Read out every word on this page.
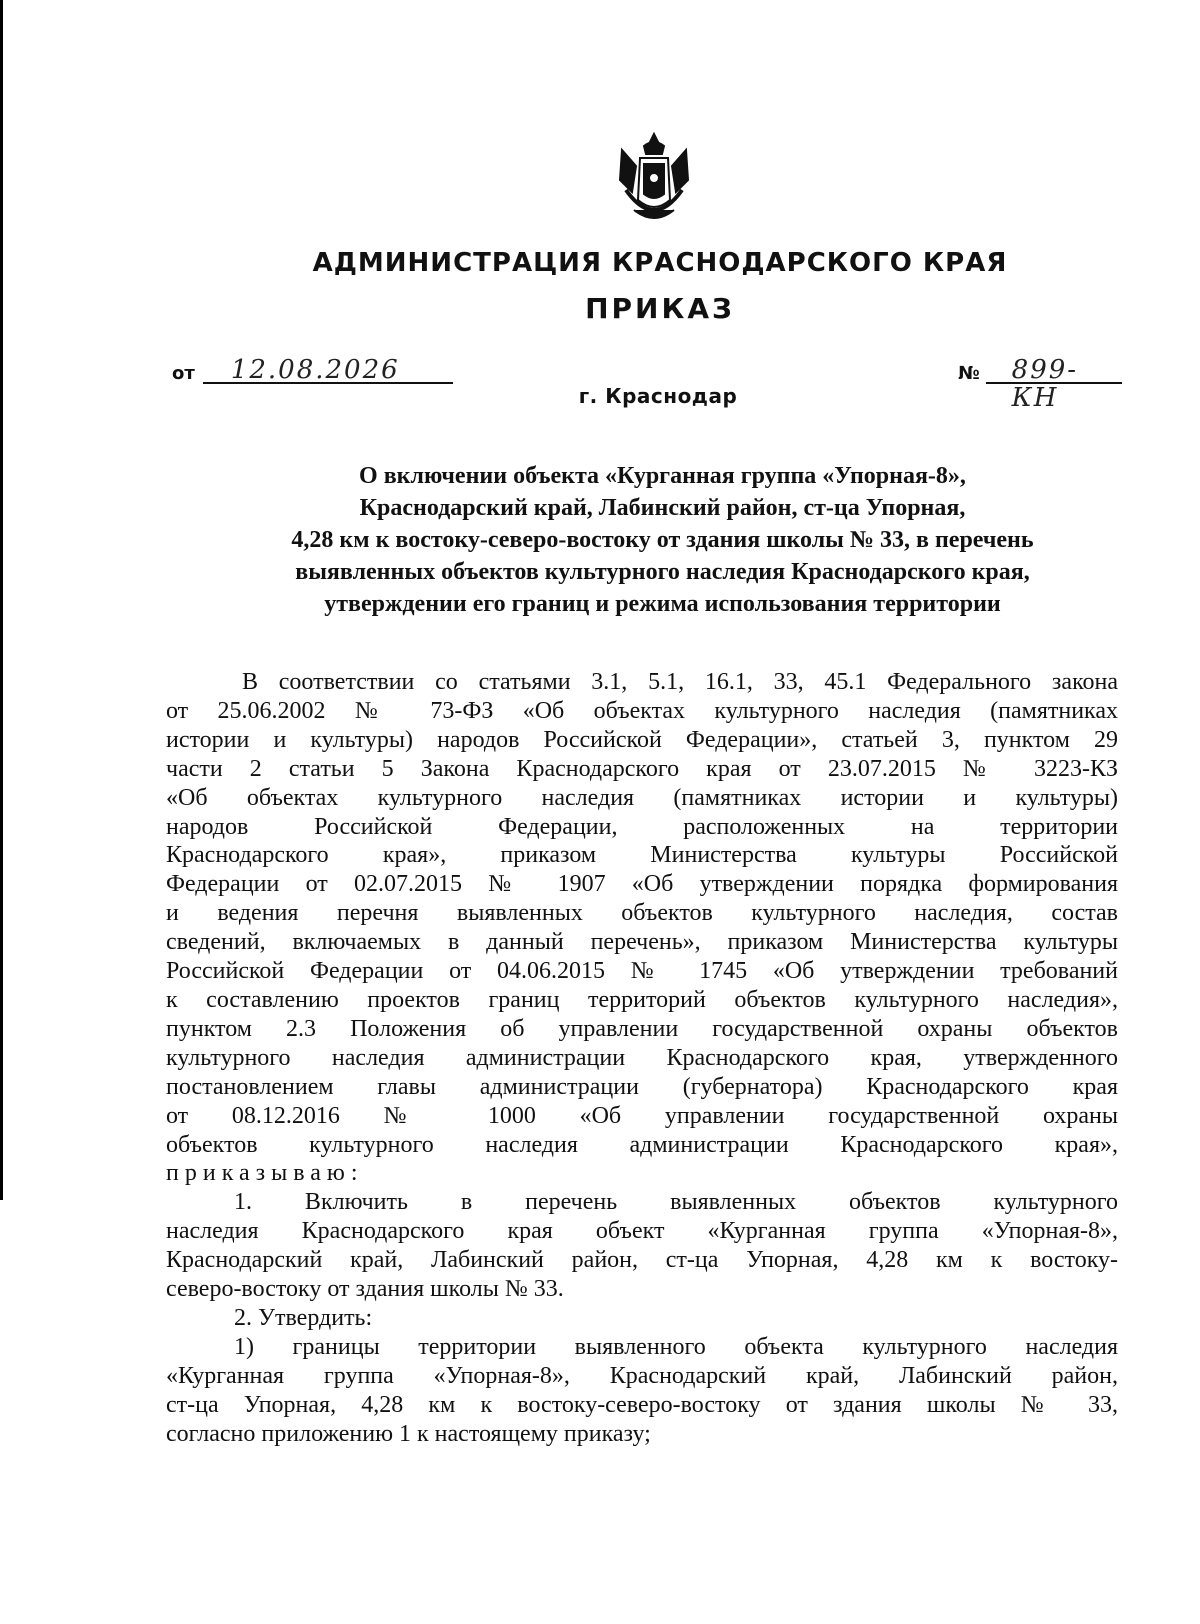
АДМИНИСТРАЦИЯ КРАСНОДАРСКОГО КРАЯ
ПРИКАЗ
от 12.08.2026	№ 899-КН
г. Краснодар
О включении объекта «Курганная группа «Упорная-8»,
Краснодарский край, Лабинский район, ст-ца Упорная,
4,28 км к востоку-северо-востоку от здания школы № 33, в перечень
выявленных объектов культурного наследия Краснодарского края,
утверждении его границ и режима использования территории
В соответствии со статьями 3.1, 5.1, 16.1, 33, 45.1 Федерального закона
от 25.06.2002 № 73-ФЗ «Об объектах культурного наследия (памятниках
истории и культуры) народов Российской Федерации», статьей 3, пунктом 29
части 2 статьи 5 Закона Краснодарского края от 23.07.2015 № 3223-КЗ
«Об объектах культурного наследия (памятниках истории и культуры)
народов Российской Федерации, расположенных на территории
Краснодарского края», приказом Министерства культуры Российской
Федерации от 02.07.2015 № 1907 «Об утверждении порядка формирования
и ведения перечня выявленных объектов культурного наследия, состав
сведений, включаемых в данный перечень», приказом Министерства культуры
Российской Федерации от 04.06.2015 № 1745 «Об утверждении требований
к составлению проектов границ территорий объектов культурного наследия»,
пунктом 2.3 Положения об управлении государственной охраны объектов
культурного наследия администрации Краснодарского края, утвержденного
постановлением главы администрации (губернатора) Краснодарского края
от 08.12.2016 № 1000 «Об управлении государственной охраны
объектов культурного наследия администрации Краснодарского края»,
приказываю:
1. Включить в перечень выявленных объектов культурного
наследия Краснодарского края объект «Курганная группа «Упорная-8»,
Краснодарский край, Лабинский район, ст-ца Упорная, 4,28 км к востоку-
северо-востоку от здания школы № 33.
2. Утвердить:
1) границы территории выявленного объекта культурного наследия
«Курганная группа «Упорная-8», Краснодарский край, Лабинский район,
ст-ца Упорная, 4,28 км к востоку-северо-востоку от здания школы № 33,
согласно приложению 1 к настоящему приказу;
